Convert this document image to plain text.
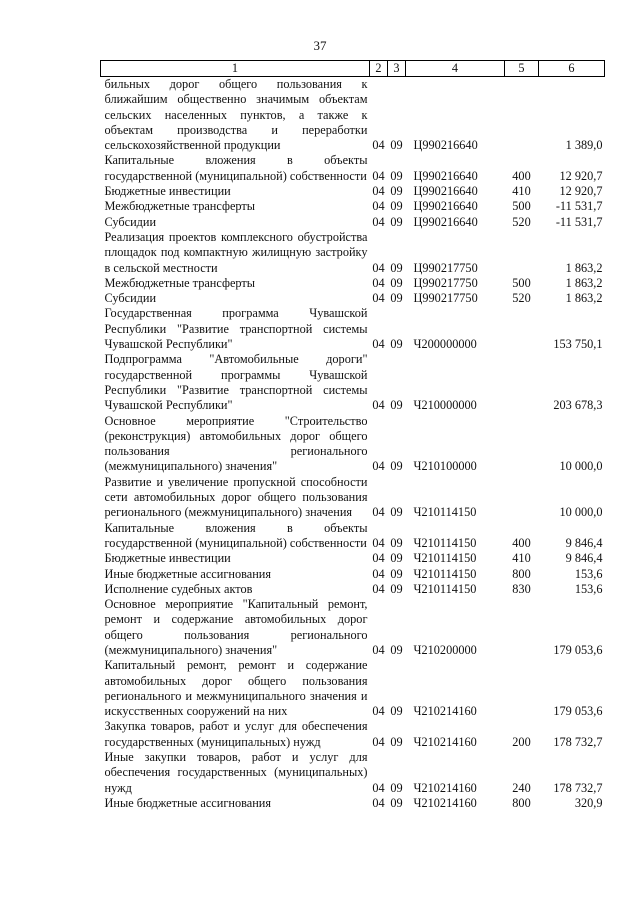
37
1	2	3	4	5	6
бильных дорог общего пользования к ближайшим общественно значимым объектам сельских населенных пунктов, а также к объектам производства и переработки сельскохозяйственной продукции	04	09	Ц990216640		1 389,0
Капитальные вложения в объекты государственной (муниципальной) собственности	04	09	Ц990216640	400	12 920,7
Бюджетные инвестиции	04	09	Ц990216640	410	12 920,7
Межбюджетные трансферты	04	09	Ц990216640	500	-11 531,7
Субсидии	04	09	Ц990216640	520	-11 531,7
Реализация проектов комплексного обустройства площадок под компактную жилищную застройку в сельской местности	04	09	Ц990217750		1 863,2
Межбюджетные трансферты	04	09	Ц990217750	500	1 863,2
Субсидии	04	09	Ц990217750	520	1 863,2
Государственная программа Чувашской Республики "Развитие транспортной системы Чувашской Республики"	04	09	Ч200000000		153 750,1
Подпрограмма "Автомобильные дороги" государственной программы Чувашской Республики "Развитие транспортной системы Чувашской Республики"	04	09	Ч210000000		203 678,3
Основное мероприятие "Строительство (реконструкция) автомобильных дорог общего пользования регионального (межмуниципального) значения"	04	09	Ч210100000		10 000,0
Развитие и увеличение пропускной способности сети автомобильных дорог общего пользования регионального (межмуниципального) значения	04	09	Ч210114150		10 000,0
Капитальные вложения в объекты государственной (муниципальной) собственности	04	09	Ч210114150	400	9 846,4
Бюджетные инвестиции	04	09	Ч210114150	410	9 846,4
Иные бюджетные ассигнования	04	09	Ч210114150	800	153,6
Исполнение судебных актов	04	09	Ч210114150	830	153,6
Основное мероприятие "Капитальный ремонт, ремонт и содержание автомобильных дорог общего пользования регионального (межмуниципального) значения"	04	09	Ч210200000		179 053,6
Капитальный ремонт, ремонт и содержание автомобильных дорог общего пользования регионального и межмуниципального значения и искусственных сооружений на них	04	09	Ч210214160		179 053,6
Закупка товаров, работ и услуг для обеспечения государственных (муниципальных) нужд	04	09	Ч210214160	200	178 732,7
Иные закупки товаров, работ и услуг для обеспечения государственных (муниципальных) нужд	04	09	Ч210214160	240	178 732,7
Иные бюджетные ассигнования	04	09	Ч210214160	800	320,9
